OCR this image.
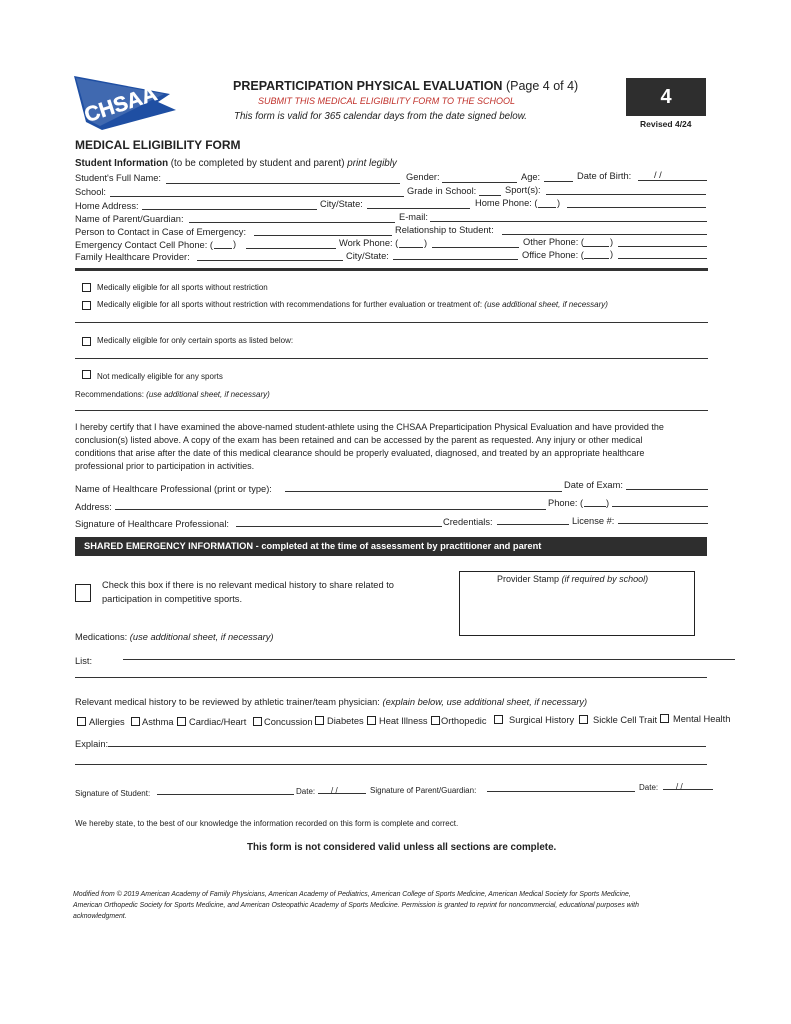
CHSAA	PREPARTICIPATION PHYSICAL EVALUATION (Page 4 of 4)
SUBMIT THIS MEDICAL ELIGIBILITY FORM TO THE SCHOOL
This form is valid for 365 calendar days from the date signed below.
4
Revised 4/24
MEDICAL ELIGIBILITY FORM
Student Information (to be completed by student and parent) print legibly
Student's Full Name:	Gender:	Age:	Date of Birth: / /
School:	Grade in School:	Sport(s):
Home Address:	City/State:	Home Phone: ( )
Name of Parent/Guardian:	E-mail:
Person to Contact in Case of Emergency:	Relationship to Student:
Emergency Contact Cell Phone: ( )	Work Phone: (	)	Other Phone: (	)
Family Healthcare Provider:	City/State:	Office Phone: (	)
Medically eligible for all sports without restriction
Medically eligible for all sports without restriction with recommendations for further evaluation or treatment of: (use additional sheet, if necessary)
Medically eligible for only certain sports as listed below:
Not medically eligible for any sports
Recommendations: (use additional sheet, if necessary)
I hereby certify that I have examined the above-named student-athlete using the CHSAA Preparticipation Physical Evaluation and have provided the
conclusion(s) listed above. A copy of the exam has been retained and can be accessed by the parent as requested. Any injury or other medical
conditions that arise after the date of this medical clearance should be properly evaluated, diagnosed, and treated by an appropriate healthcare
professional prior to participation in activities.
Name of Healthcare Professional (print or type):	Date of Exam:
Address:	Phone: ( )
Signature of Healthcare Professional:	Credentials:	License #:
SHARED EMERGENCY INFORMATION - completed at the time of assessment by practitioner and parent
Check this box if there is no relevant medical history to share related to
participation in competitive sports.
Provider Stamp (if required by school)
Medications: (use additional sheet, if necessary)
List:
Relevant medical history to be reviewed by athletic trainer/team physician: (explain below, use additional sheet, if necessary)
Allergies Asthma Cardiac/Heart Concussion Diabetes Heat Illness Orthopedic Surgical History Sickle Cell Trait Mental Health
Explain:
Signature of Student:	Date: / /	Signature of Parent/Guardian:	Date: / /
We hereby state, to the best of our knowledge the information recorded on this form is complete and correct.
This form is not considered valid unless all sections are complete.
Modified from © 2019 American Academy of Family Physicians, American Academy of Pediatrics, American College of Sports Medicine, American Medical Society for Sports Medicine,
American Orthopedic Society for Sports Medicine, and American Osteopathic Academy of Sports Medicine. Permission is granted to reprint for noncommercial, educational purposes with
acknowledgment.
